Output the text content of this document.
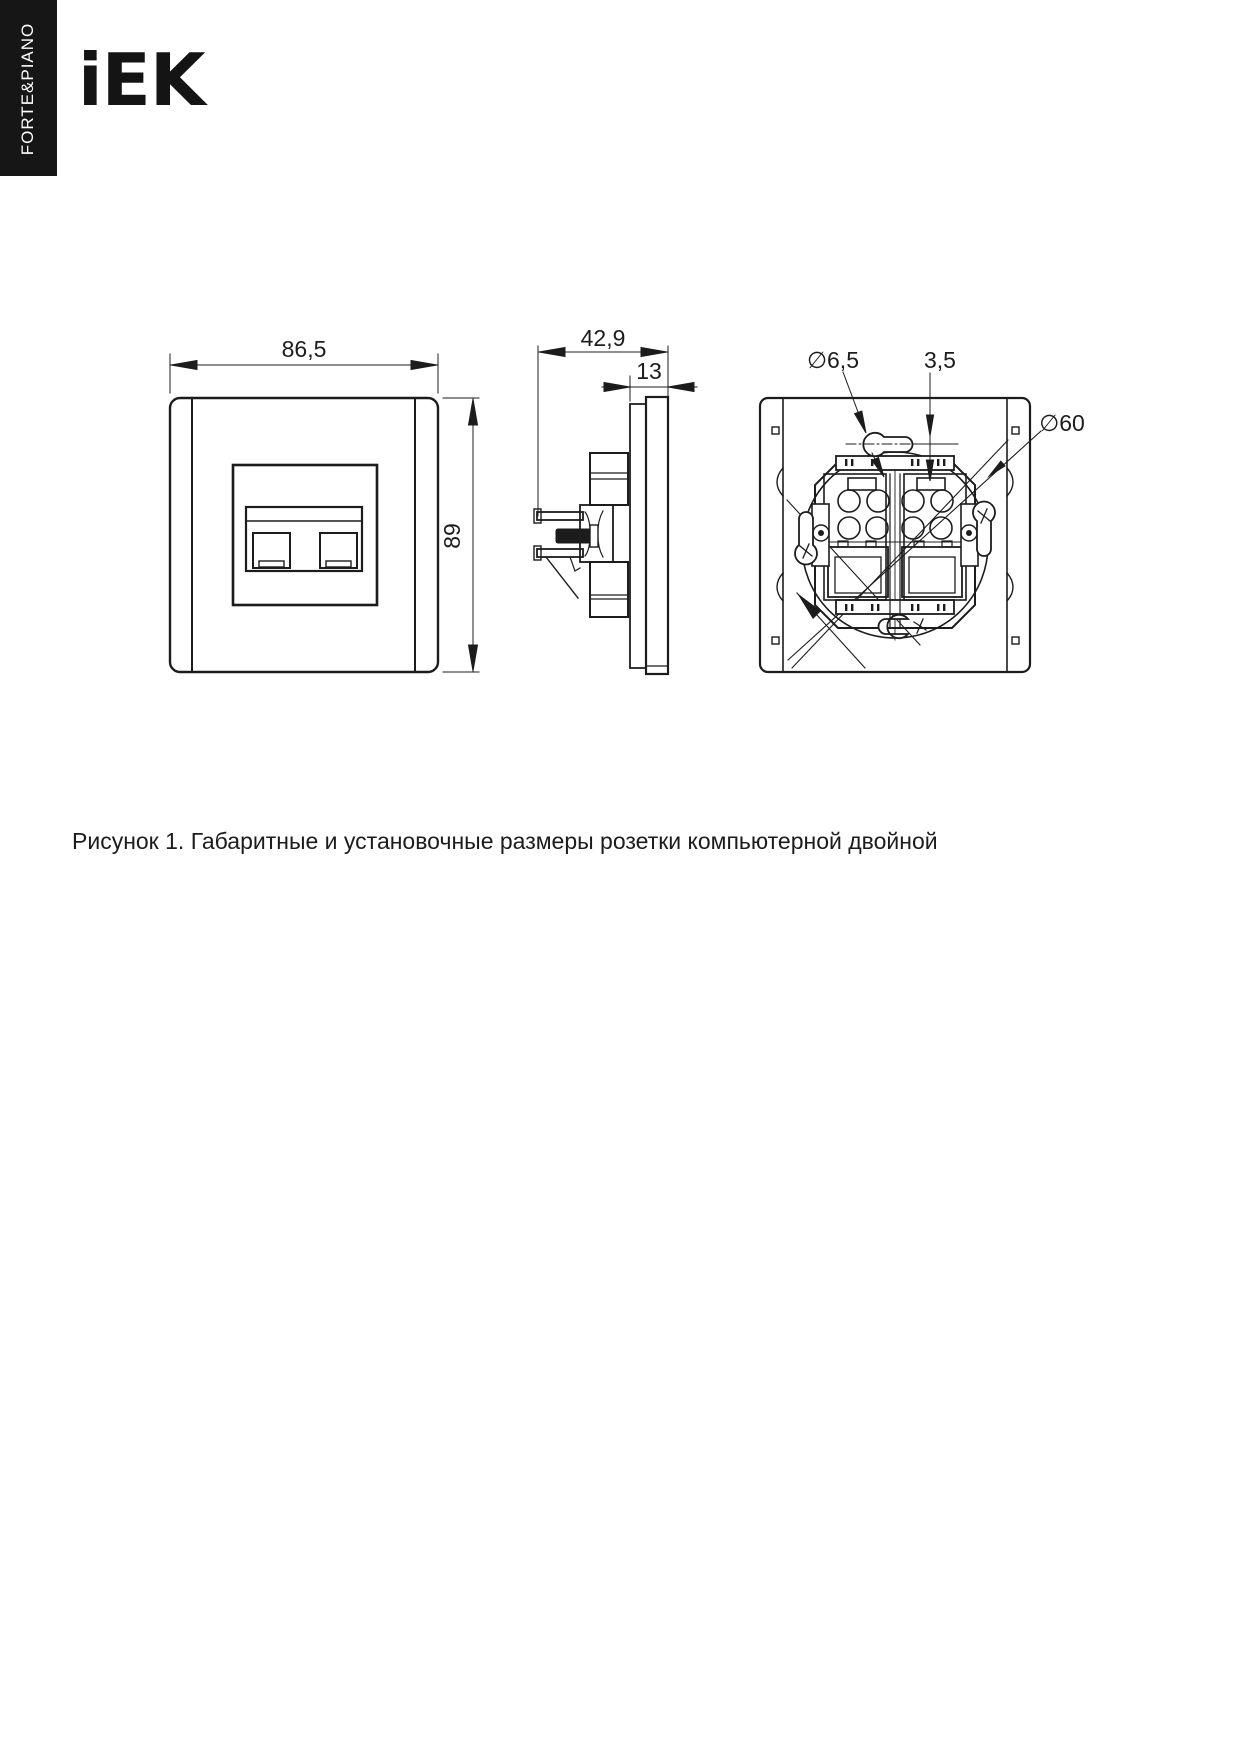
FORTE&PIANO iEK
86,5
89
42,9
13	∅6,5	3,5
∅60
Рисунок 1. Габаритные и установочные размеры розетки компьютерной двойной
